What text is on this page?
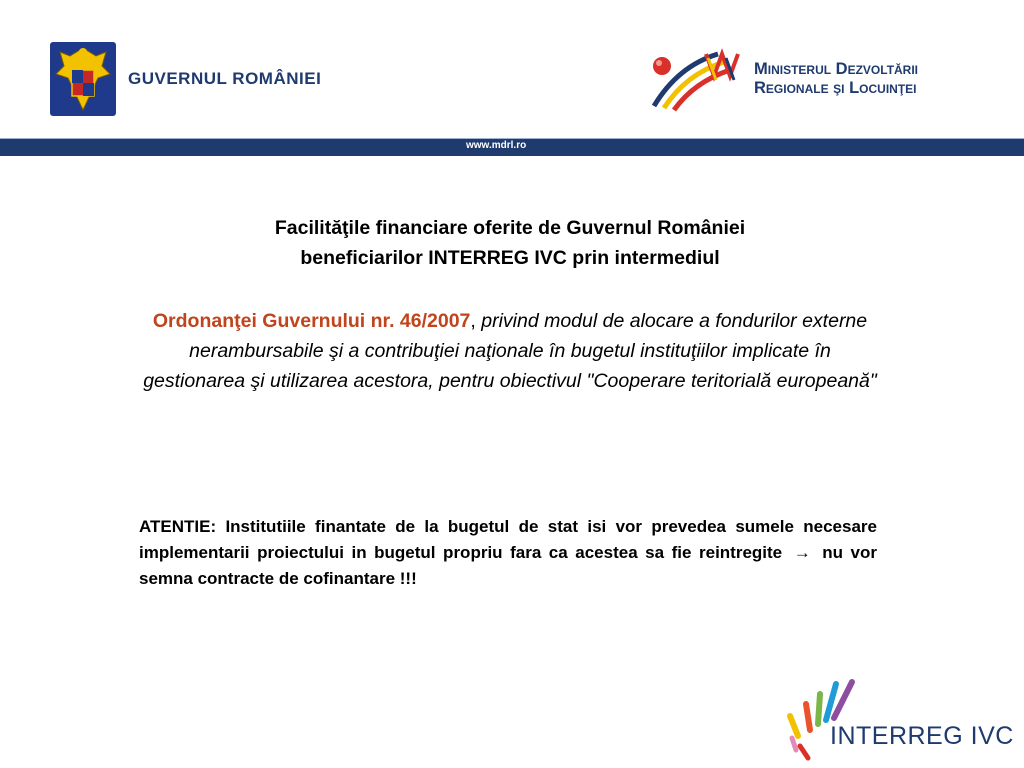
GUVERNUL ROMÂNIEI	Ministerul Dezvoltării
Regionale şi Locuinţei
www.mdrl.ro
Facilităţile financiare oferite de Guvernul României
beneficiarilor INTERREG IVC prin intermediul
Ordonanţei Guvernului nr. 46/2007, privind modul de alocare a fondurilor externe nerambursabile şi a contribuţiei naţionale în bugetul instituţiilor implicate în gestionarea şi utilizarea acestora, pentru obiectivul "Cooperare teritorială europeană"
ATENTIE: Institutiile finantate de la bugetul de stat isi vor prevedea sumele necesare implementarii proiectului in bugetul propriu fara ca acestea sa fie reintregite → nu vor semna contracte de cofinantare !!!
INTERREG IVC
